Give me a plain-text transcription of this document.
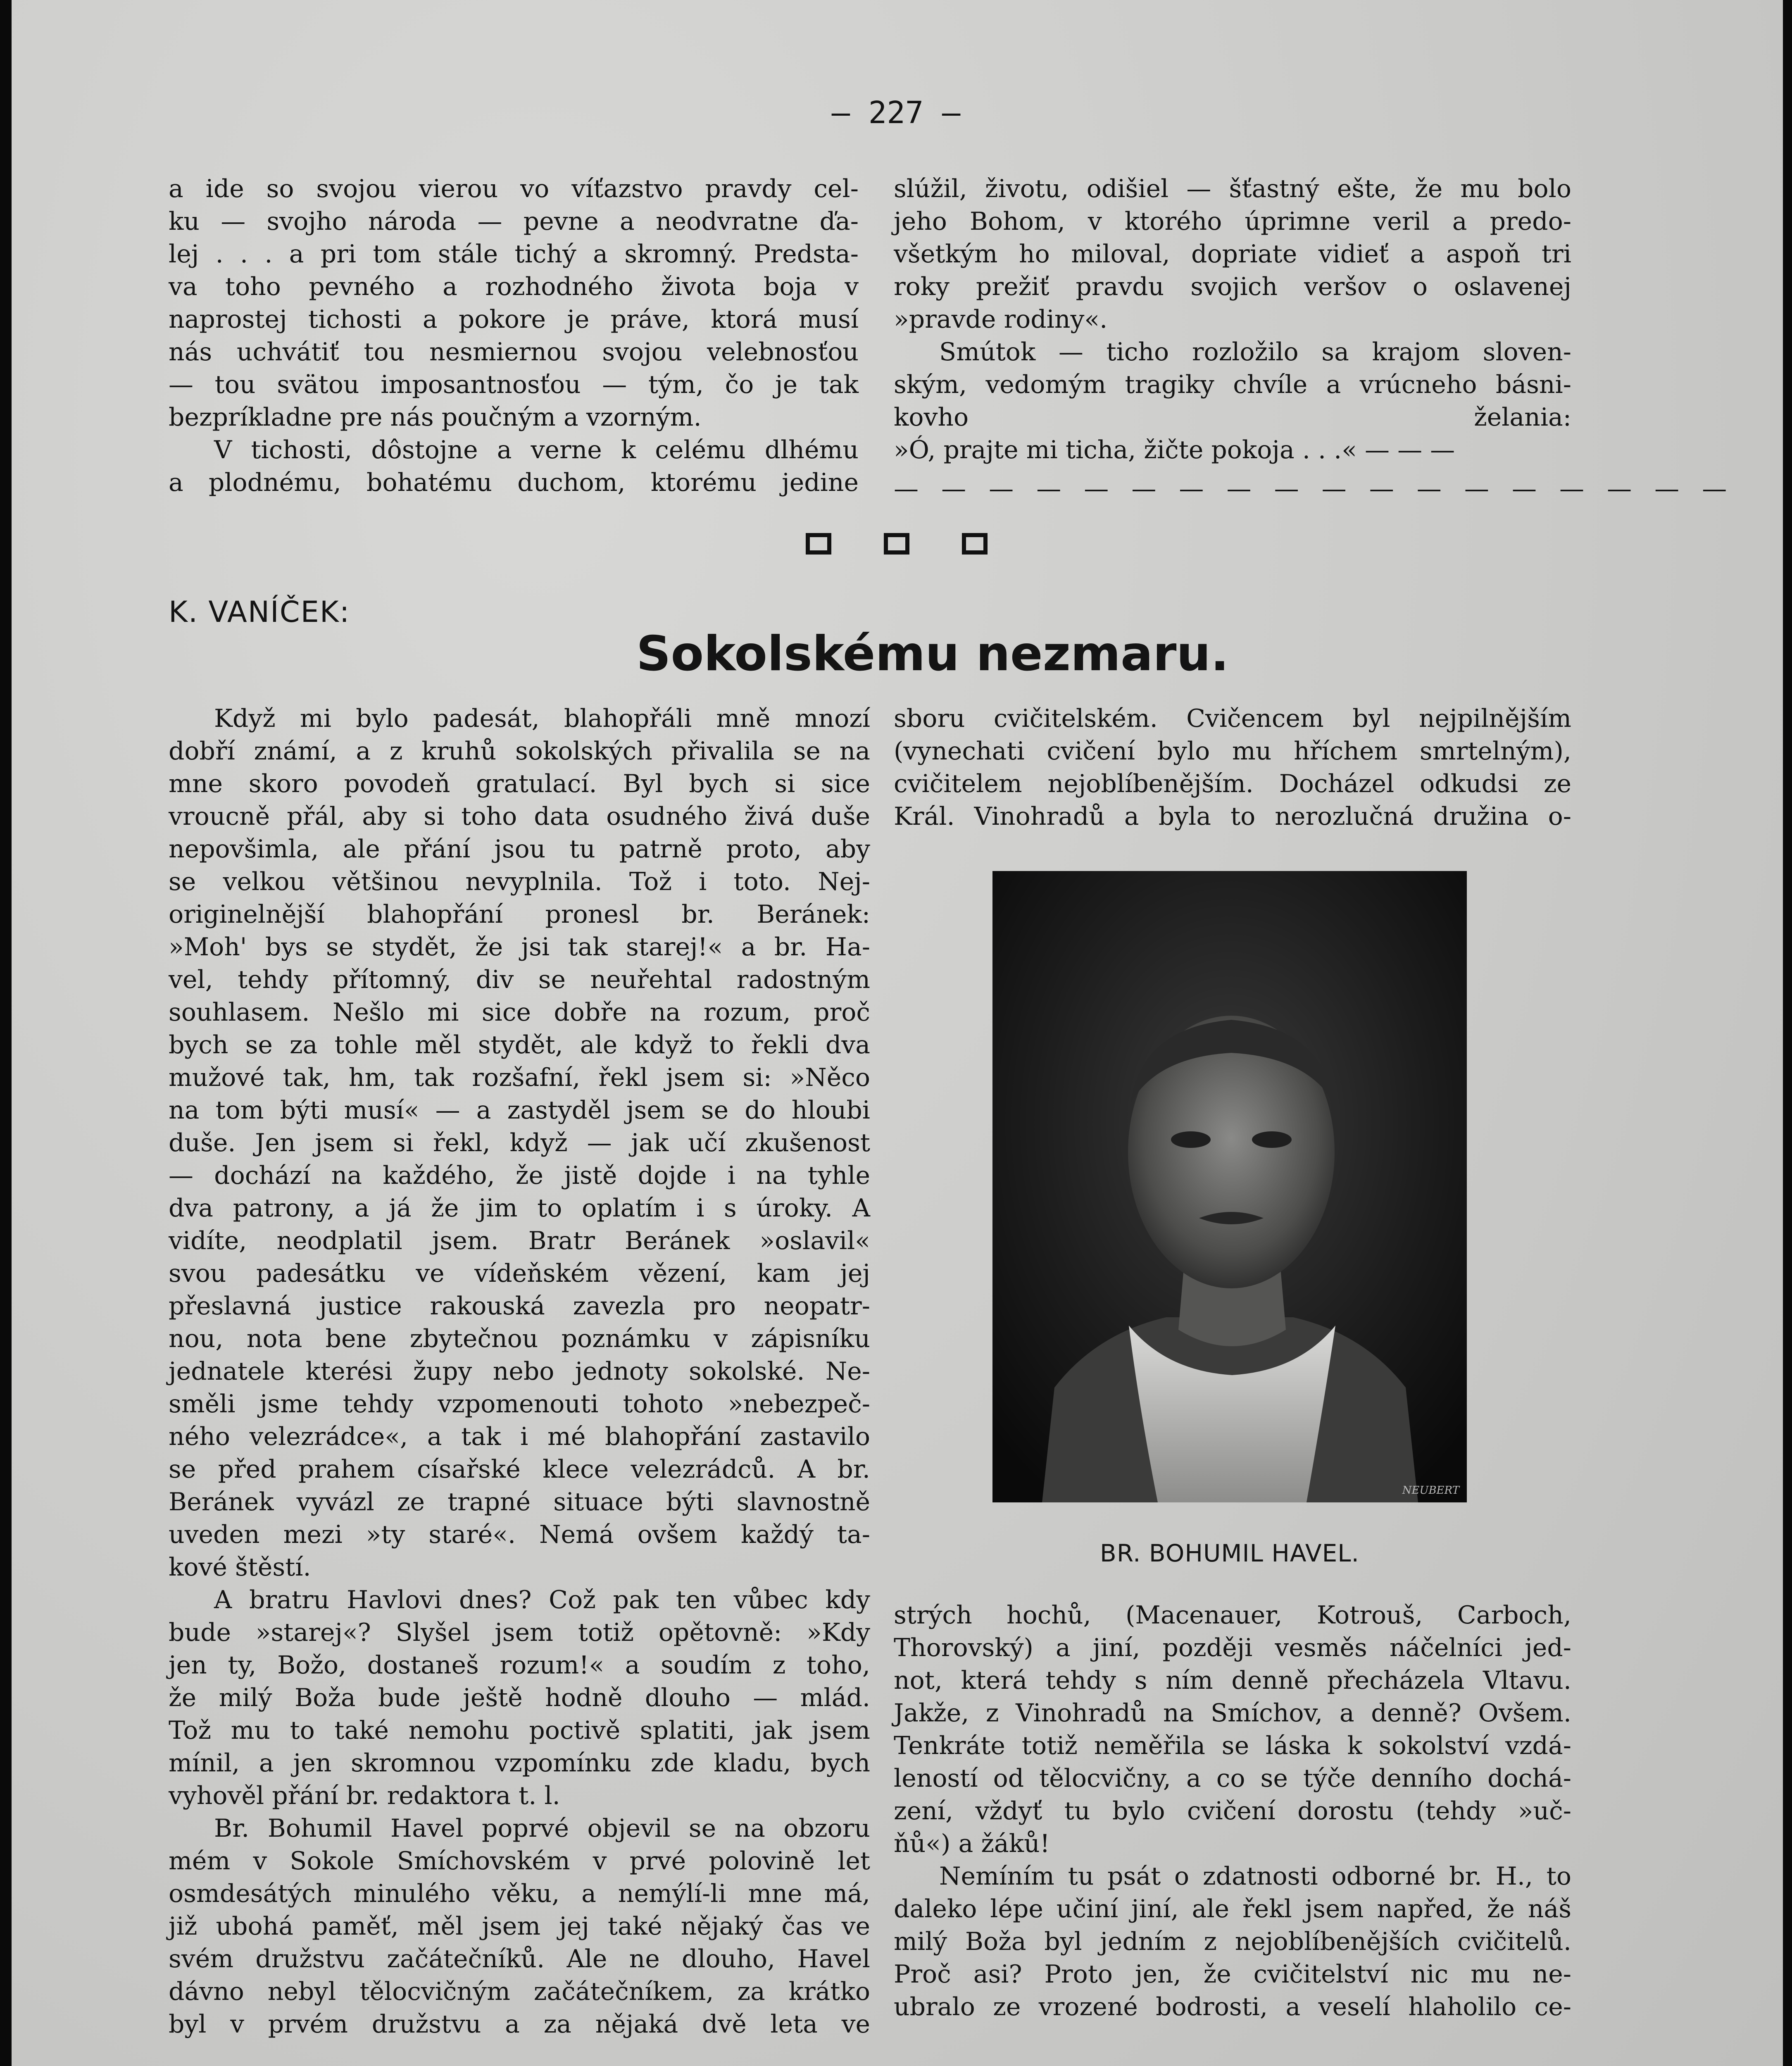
— 227 —

a ide so svojou vierou vo víťazstvo pravdy cel-

ku — svojho národa — pevne a neodvratne ďa-

lej . . . a pri tom stále tichý a skromný. Predsta-

va toho pevného a rozhodného života boja v

naprostej tichosti a pokore je práve, ktorá musí

nás uchvátiť tou nesmiernou svojou velebnosťou

— tou svätou imposantnosťou — tým, čo je tak

bezpríkladne pre nás poučným a vzorným.

V tichosti, dôstojne a verne k celému dlhému

a plodnému, bohatému duchom, ktorému jedine

slúžil, životu, odišiel — šťastný ešte, že mu bolo

jeho Bohom, v ktorého úprimne veril a predo-

všetkým ho miloval, dopriate vidieť a aspoň tri

roky prežiť pravdu svojich veršov o oslavenej

»pravde rodiny«.

Smútok — ticho rozložilo sa krajom sloven-

ským, vedomým tragiky chvíle a vrúcneho básni-

kovho želania:

»Ó, prajte mi ticha, žičte pokoja . . .« — — —

— — — — — — — — — — — — — — — — — —
K. VANÍČEK:
Sokolskému nezmaru.

Když mi bylo padesát, blahopřáli mně mnozí

dobří známí, a z kruhů sokolských přivalila se na

mne skoro povodeň gratulací. Byl bych si sice

vroucně přál, aby si toho data osudného živá duše

nepovšimla, ale přání jsou tu patrně proto, aby

se velkou většinou nevyplnila. Tož i toto. Nej-

originelnější blahopřání pronesl br. Beránek:

»Moh' bys se stydět, že jsi tak starej!« a br. Ha-

vel, tehdy přítomný, div se neuřehtal radostným

souhlasem. Nešlo mi sice dobře na rozum, proč

bych se za tohle měl stydět, ale když to řekli dva

mužové tak, hm, tak rozšafní, řekl jsem si: »Něco

na tom býti musí« — a zastyděl jsem se do hloubi

duše. Jen jsem si řekl, když — jak učí zkušenost

— dochází na každého, že jistě dojde i na tyhle

dva patrony, a já že jim to oplatím i s úroky. A

vidíte, neodplatil jsem. Bratr Beránek »oslavil«

svou padesátku ve vídeňském vězení, kam jej

přeslavná justice rakouská zavezla pro neopatr-

nou, nota bene zbytečnou poznámku v zápisníku

jednatele kterési župy nebo jednoty sokolské. Ne-

směli jsme tehdy vzpomenouti tohoto »nebezpeč-

ného velezrádce«, a tak i mé blahopřání zastavilo

se před prahem císařské klece velezrádců. A br.

Beránek vyvázl ze trapné situace býti slavnostně

uveden mezi »ty staré«. Nemá ovšem každý ta-

kové štěstí.

A bratru Havlovi dnes? Což pak ten vůbec kdy

bude »starej«? Slyšel jsem totiž opětovně: »Kdy

jen ty, Božo, dostaneš rozum!« a soudím z toho,

že milý Boža bude ještě hodně dlouho — mlád.

Tož mu to také nemohu poctivě splatiti, jak jsem

mínil, a jen skromnou vzpomínku zde kladu, bych

vyhověl přání br. redaktora t. l.

Br. Bohumil Havel poprvé objevil se na obzoru

mém v Sokole Smíchovském v prvé polovině let

osmdesátých minulého věku, a nemýlí-li mne má,

již ubohá paměť, měl jsem jej také nějaký čas ve

svém družstvu začátečníků. Ale ne dlouho, Havel

dávno nebyl tělocvičným začátečníkem, za krátko

byl v prvém družstvu a za nějaká dvě leta ve

sboru cvičitelském. Cvičencem byl nejpilnějším

(vynechati cvičení bylo mu hříchem smrtelným),

cvičitelem nejoblíbenějším. Docházel odkudsi ze

Král. Vinohradů a byla to nerozlučná družina o-

NEUBERT
BR. BOHUMIL HAVEL.

strých hochů, (Macenauer, Kotrouš, Carboch,

Thorovský) a jiní, později vesměs náčelníci jed-

not, která tehdy s ním denně přecházela Vltavu.

Jakže, z Vinohradů na Smíchov, a denně? Ovšem.

Tenkráte totiž neměřila se láska k sokolství vzdá-

leností od tělocvičny, a co se týče denního dochá-

zení, vždyť tu bylo cvičení dorostu (tehdy »uč-

ňů«) a žáků!

Nemíním tu psát o zdatnosti odborné br. H., to

daleko lépe učiní jiní, ale řekl jsem napřed, že náš

milý Boža byl jedním z nejoblíbenějších cvičitelů.

Proč asi? Proto jen, že cvičitelství nic mu ne-

ubralo ze vrozené bodrosti, a veselí hlaholilo ce-
